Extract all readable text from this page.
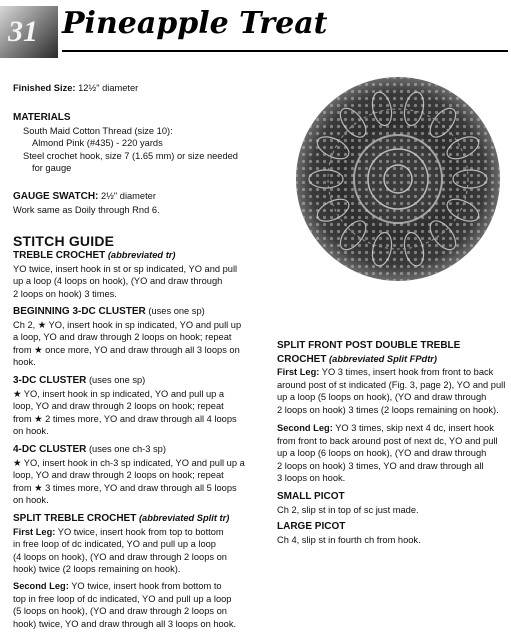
31 Pineapple Treat
Finished Size: 12½" diameter
MATERIALS
South Maid Cotton Thread (size 10):
Almond Pink (#435) - 220 yards
Steel crochet hook, size 7 (1.65 mm) or size needed
for gauge
GAUGE SWATCH: 2½" diameter
Work same as Doily through Rnd 6.
STITCH GUIDE
TREBLE CROCHET (abbreviated tr)
YO twice, insert hook in st or sp indicated, YO and pull
up a loop (4 loops on hook), (YO and draw through
2 loops on hook) 3 times.
BEGINNING 3-DC CLUSTER (uses one sp)
Ch 2, ★ YO, insert hook in sp indicated, YO and pull up
a loop, YO and draw through 2 loops on hook; repeat
from ★ once more, YO and draw through all 3 loops on
hook.
3-DC CLUSTER (uses one sp)
★ YO, insert hook in sp indicated, YO and pull up a
loop, YO and draw through 2 loops on hook; repeat
from ★ 2 times more, YO and draw through all 4 loops
on hook.
4-DC CLUSTER (uses one ch-3 sp)
★ YO, insert hook in ch-3 sp indicated, YO and pull up a
loop, YO and draw through 2 loops on hook; repeat
from ★ 3 times more, YO and draw through all 5 loops
on hook.
SPLIT TREBLE CROCHET (abbreviated Split tr)
First Leg: YO twice, insert hook from top to bottom
in free loop of dc indicated, YO and pull up a loop
(4 loops on hook), (YO and draw through 2 loops on
hook) twice (2 loops remaining on hook).
Second Leg: YO twice, insert hook from bottom to
top in free loop of dc indicated, YO and pull up a loop
(5 loops on hook), (YO and draw through 2 loops on
hook) twice, YO and draw through all 3 loops on hook.
SPLIT FRONT POST DOUBLE TREBLE
CROCHET (abbreviated Split FPdtr)
First Leg: YO 3 times, insert hook from front to back
around post of st indicated (Fig. 3, page 2), YO and pull
up a loop (5 loops on hook), (YO and draw through
2 loops on hook) 3 times (2 loops remaining on hook).
Second Leg: YO 3 times, skip next 4 dc, insert hook
from front to back around post of next dc, YO and pull
up a loop (6 loops on hook), (YO and draw through
2 loops on hook) 3 times, YO and draw through all
3 loops on hook.
SMALL PICOT
Ch 2, slip st in top of sc just made.
LARGE PICOT
Ch 4, slip st in fourth ch from hook.
